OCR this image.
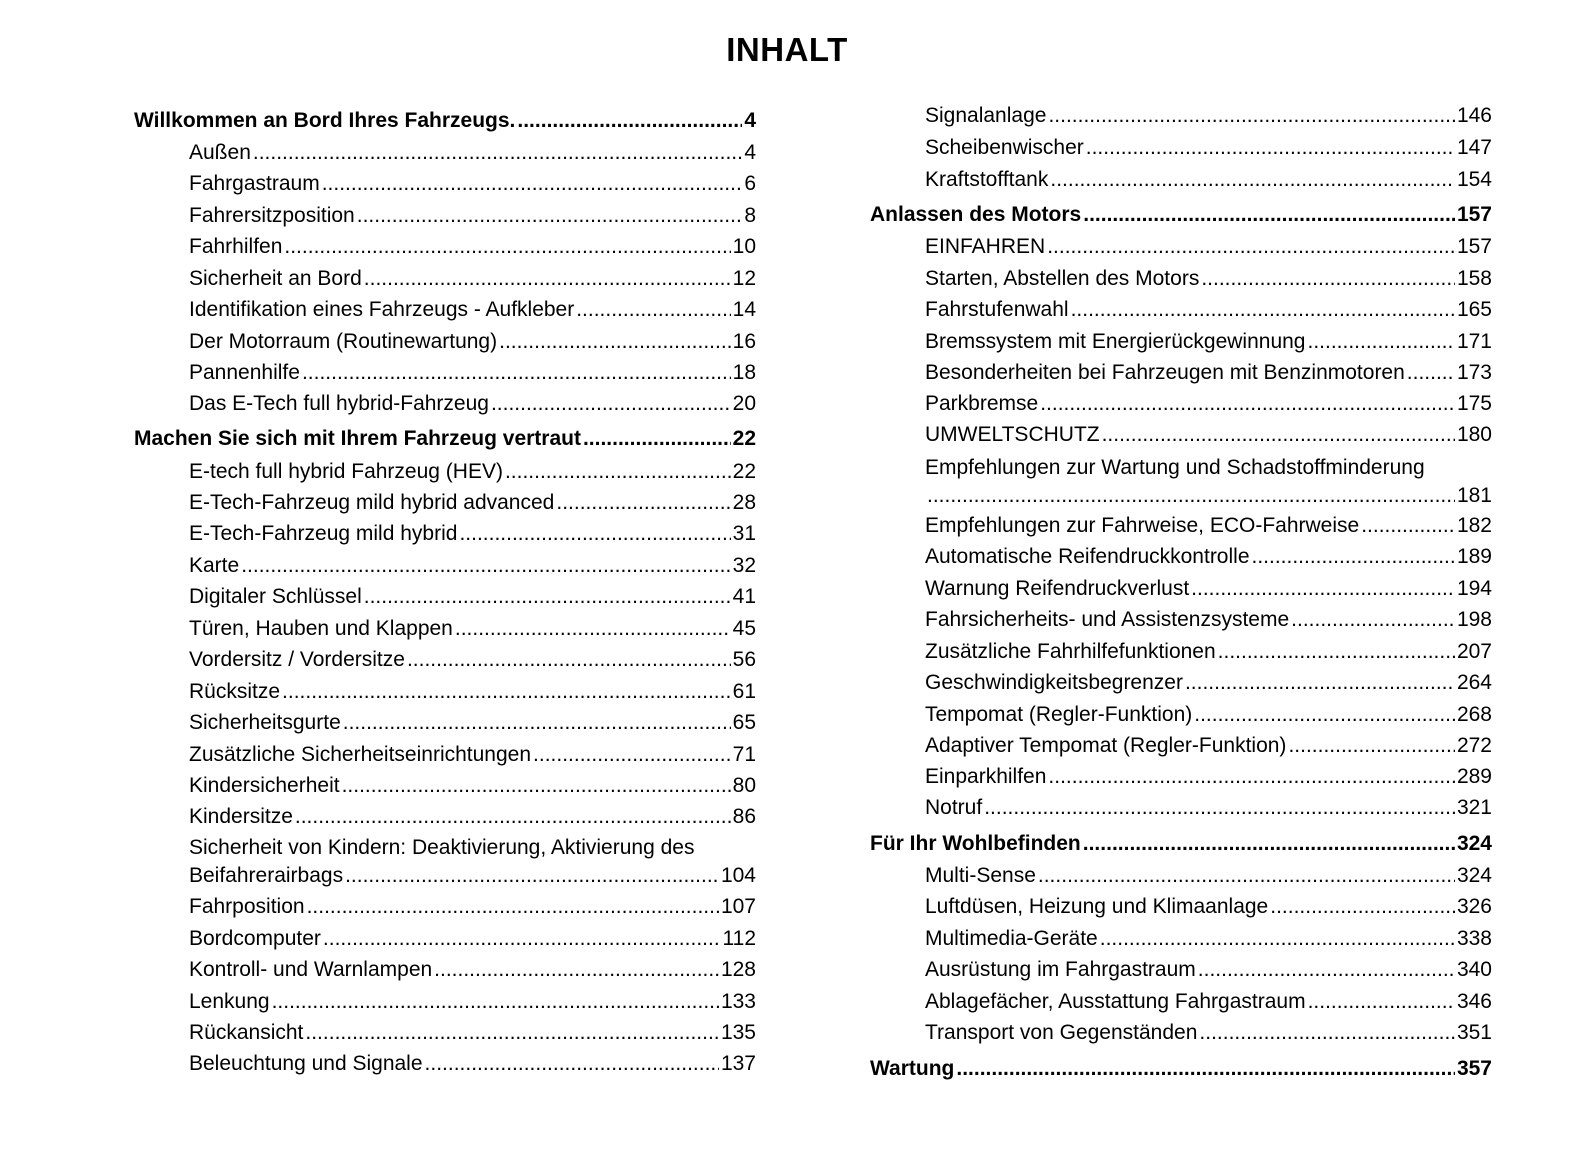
INHALT
Willkommen an Bord Ihres Fahrzeugs. .....	4
Außen .....	4
Fahrgastraum .....	6
Fahrersitzposition .....	8
Fahrhilfen .....	10
Sicherheit an Bord .....	12
Identifikation eines Fahrzeugs - Aufkleber .....	14
Der Motorraum (Routinewartung) .....	16
Pannenhilfe .....	18
Das E-Tech full hybrid-Fahrzeug .....	20
Machen Sie sich mit Ihrem Fahrzeug vertraut .....	22
E-tech full hybrid Fahrzeug (HEV) .....	22
E-Tech-Fahrzeug mild hybrid advanced .....	28
E-Tech-Fahrzeug mild hybrid .....	31
Karte .....	32
Digitaler Schlüssel .....	41
Türen, Hauben und Klappen .....	45
Vordersitz / Vordersitze .....	56
Rücksitze .....	61
Sicherheitsgurte .....	65
Zusätzliche Sicherheitseinrichtungen .....	71
Kindersicherheit .....	80
Kindersitze .....	86
Sicherheit von Kindern: Deaktivierung, Aktivierung des
Beifahrerairbags .....	104
Fahrposition .....	107
Bordcomputer .....	112
Kontroll- und Warnlampen .....	128
Lenkung .....	133
Rückansicht .....	135
Beleuchtung und Signale .....	137
Signalanlage .....	146
Scheibenwischer .....	147
Kraftstofftank .....	154
Anlassen des Motors .....	157
EINFAHREN .....	157
Starten, Abstellen des Motors .....	158
Fahrstufenwahl .....	165
Bremssystem mit Energierückgewinnung .....	171
Besonderheiten bei Fahrzeugen mit Benzinmotoren ..... 173
Parkbremse .....	175
UMWELTSCHUTZ .....	180
Empfehlungen zur Wartung und Schadstoffminderung
.....
181
Empfehlungen zur Fahrweise, ECO-Fahrweise .....	182
Automatische Reifendruckkontrolle .....	189
Warnung Reifendruckverlust .....	194
Fahrsicherheits- und Assistenzsysteme .....	198
Zusätzliche Fahrhilfefunktionen .....	207
Geschwindigkeitsbegrenzer .....	264
Tempomat (Regler-Funktion) .....	268
Adaptiver Tempomat (Regler-Funktion) .....	272
Einparkhilfen .....	289
Notruf .....	321
Für Ihr Wohlbefinden .....	324
Multi-Sense .....	324
Luftdüsen, Heizung und Klimaanlage .....	326
Multimedia-Geräte .....	338
Ausrüstung im Fahrgastraum .....	340
Ablagefächer, Ausstattung Fahrgastraum .....	346
Transport von Gegenständen .....	351
Wartung .....	357
